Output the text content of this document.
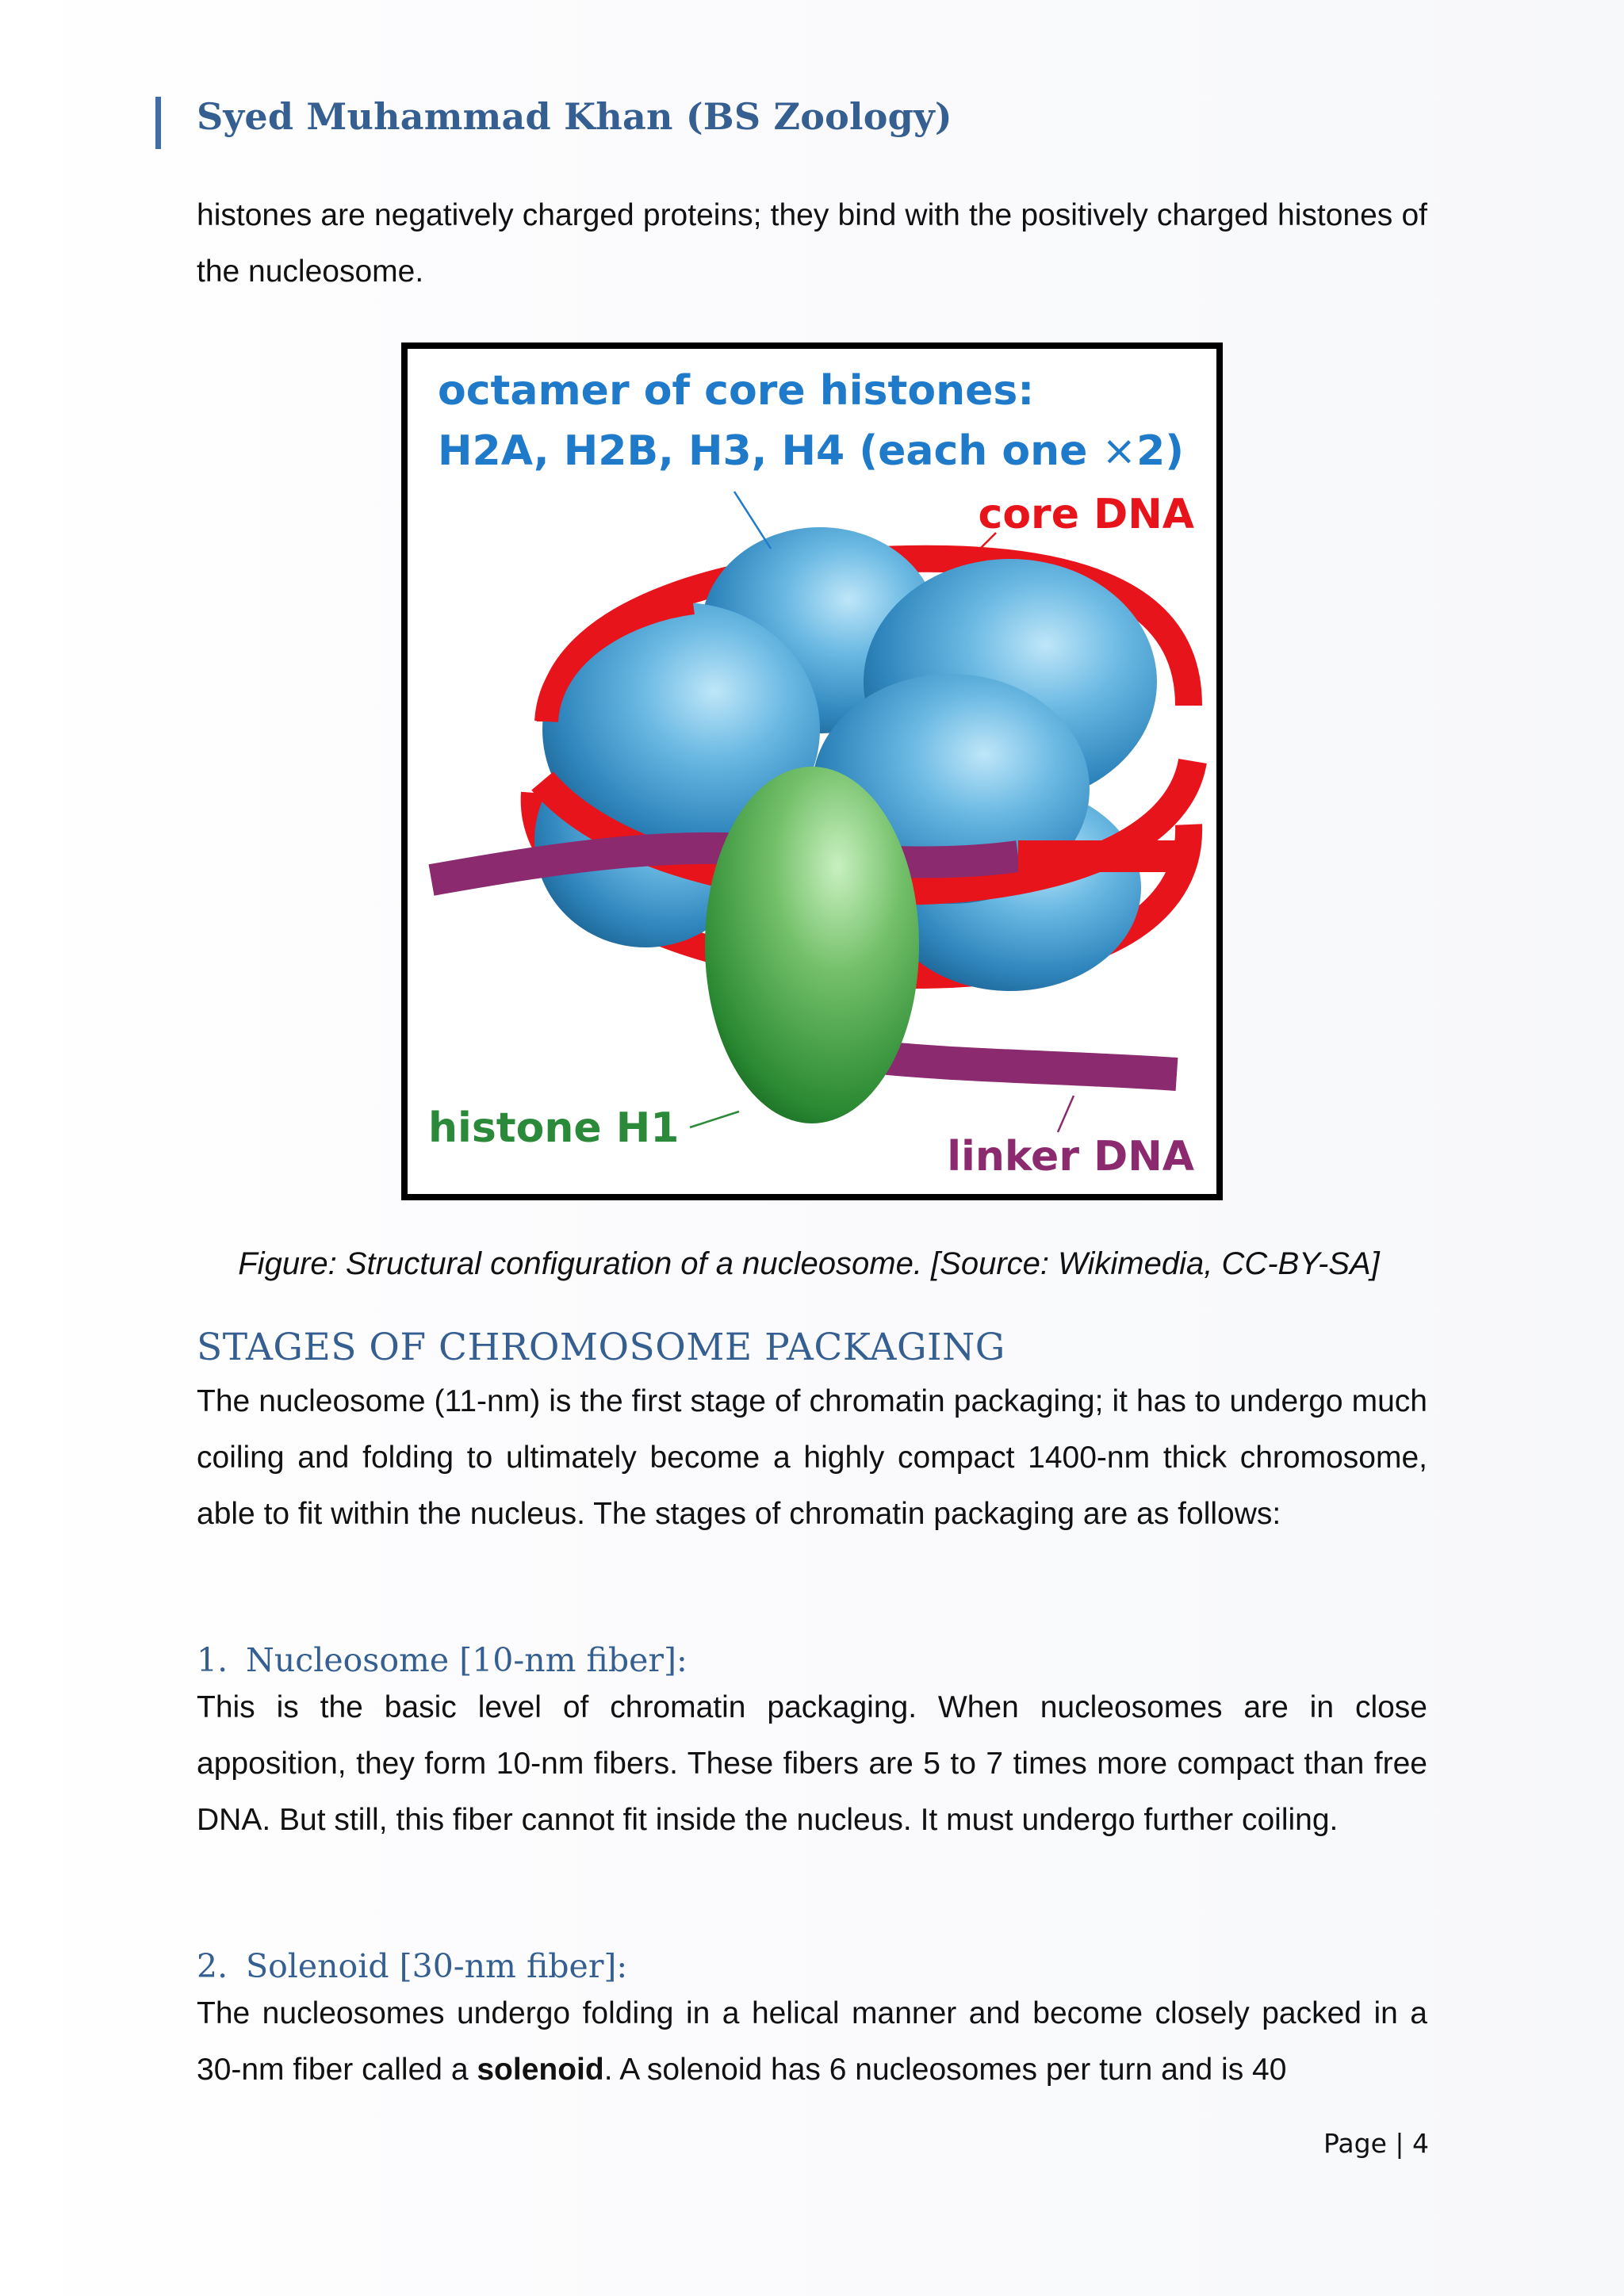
Syed Muhammad Khan (BS Zoology)

histones are negatively charged proteins; they bind with the positively charged histones of the nucleosome.

octamer of core histones:
H2A, H2B, H3, H4 (each one ×2)
core DNA
histone H1
linker DNA
Figure: Structural configuration of a nucleosome. [Source: Wikimedia, CC-BY-SA]
STAGES OF CHROMOSOME PACKAGING

The nucleosome (11-nm) is the first stage of chromatin packaging; it has to undergo much coiling and folding to ultimately become a highly compact 1400-nm thick chromosome, able to fit within the nucleus. The stages of chromatin packaging are as follows:

1. Nucleosome [10-nm fiber]:

This is the basic level of chromatin packaging. When nucleosomes are in close apposition, they form 10-nm fibers. These fibers are 5 to 7 times more compact than free DNA. But still, this fiber cannot fit inside the nucleus. It must undergo further coiling.

2. Solenoid [30-nm fiber]:

The nucleosomes undergo folding in a helical manner and become closely packed in a 30-nm fiber called a solenoid. A solenoid has 6 nucleosomes per turn and is 40

Page | 4
